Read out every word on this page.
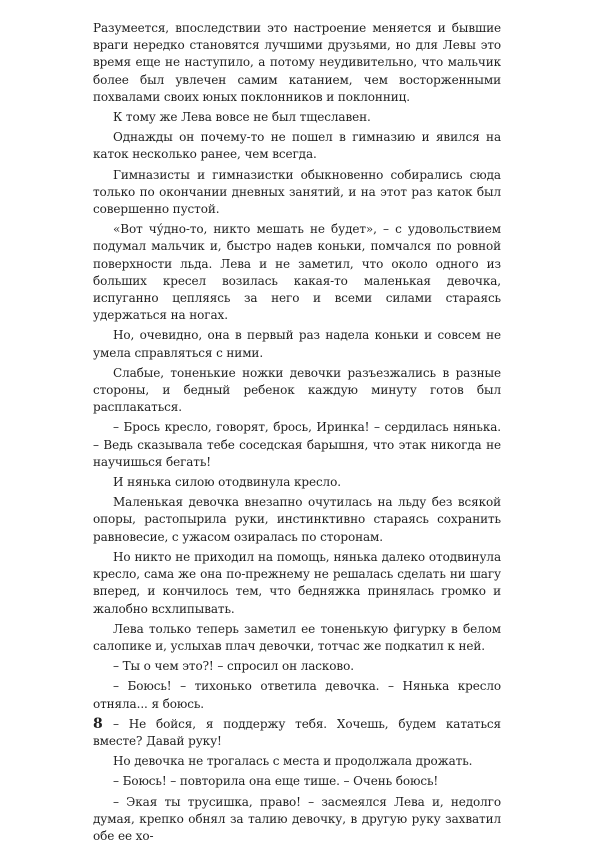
Разумеется, впоследствии это настроение меняется и бывшие враги нередко становятся лучшими друзьями, но для Левы это время еще не наступило, а потому неудивительно, что мальчик более был увлечен самим катанием, чем восторженными похвалами своих юных поклонников и поклонниц.

К тому же Лева вовсе не был тщеславен.

Однажды он почему-то не пошел в гимназию и явился на каток несколько ранее, чем всегда.

Гимназисты и гимназистки обыкновенно собирались сюда только по окончании дневных занятий, и на этот раз каток был совершенно пустой.

«Вот чу́дно-то, никто мешать не будет», – с удовольствием подумал мальчик и, быстро надев коньки, помчался по ровной поверхности льда. Лева и не заметил, что около одного из больших кресел возилась какая-то маленькая девочка, испуганно цепляясь за него и всеми силами стараясь удержаться на ногах.

Но, очевидно, она в первый раз надела коньки и совсем не умела справляться с ними.

Слабые, тоненькие ножки девочки разъезжались в разные стороны, и бедный ребенок каждую минуту готов был расплакаться.

– Брось кресло, говорят, брось, Иринка! – сердилась нянька. – Ведь сказывала тебе соседская барышня, что этак никогда не научишься бегать!

И нянька силою отодвинула кресло.

Маленькая девочка внезапно очутилась на льду без всякой опоры, растопырила руки, инстинктивно стараясь сохранить равновесие, с ужасом озиралась по сторонам.

Но никто не приходил на помощь, нянька далеко отодвинула кресло, сама же она по-прежнему не решалась сделать ни шагу вперед, и кончилось тем, что бедняжка принялась громко и жалобно всхлипывать.

Лева только теперь заметил ее тоненькую фигурку в белом салопике и, услыхав плач девочки, тотчас же подкатил к ней.

– Ты о чем это?! – спросил он ласково.

– Боюсь! – тихонько ответила девочка. – Нянька кресло отняла... я боюсь.

– Не бойся, я поддержу тебя. Хочешь, будем кататься вместе? Давай руку!

Но девочка не трогалась с места и продолжала дрожать.

– Боюсь! – повторила она еще тише. – Очень боюсь!

– Экая ты трусишка, право! – засмеялся Лева и, недолго думая, крепко обнял за талию девочку, в другую руку захватил обе ее хо-

8
